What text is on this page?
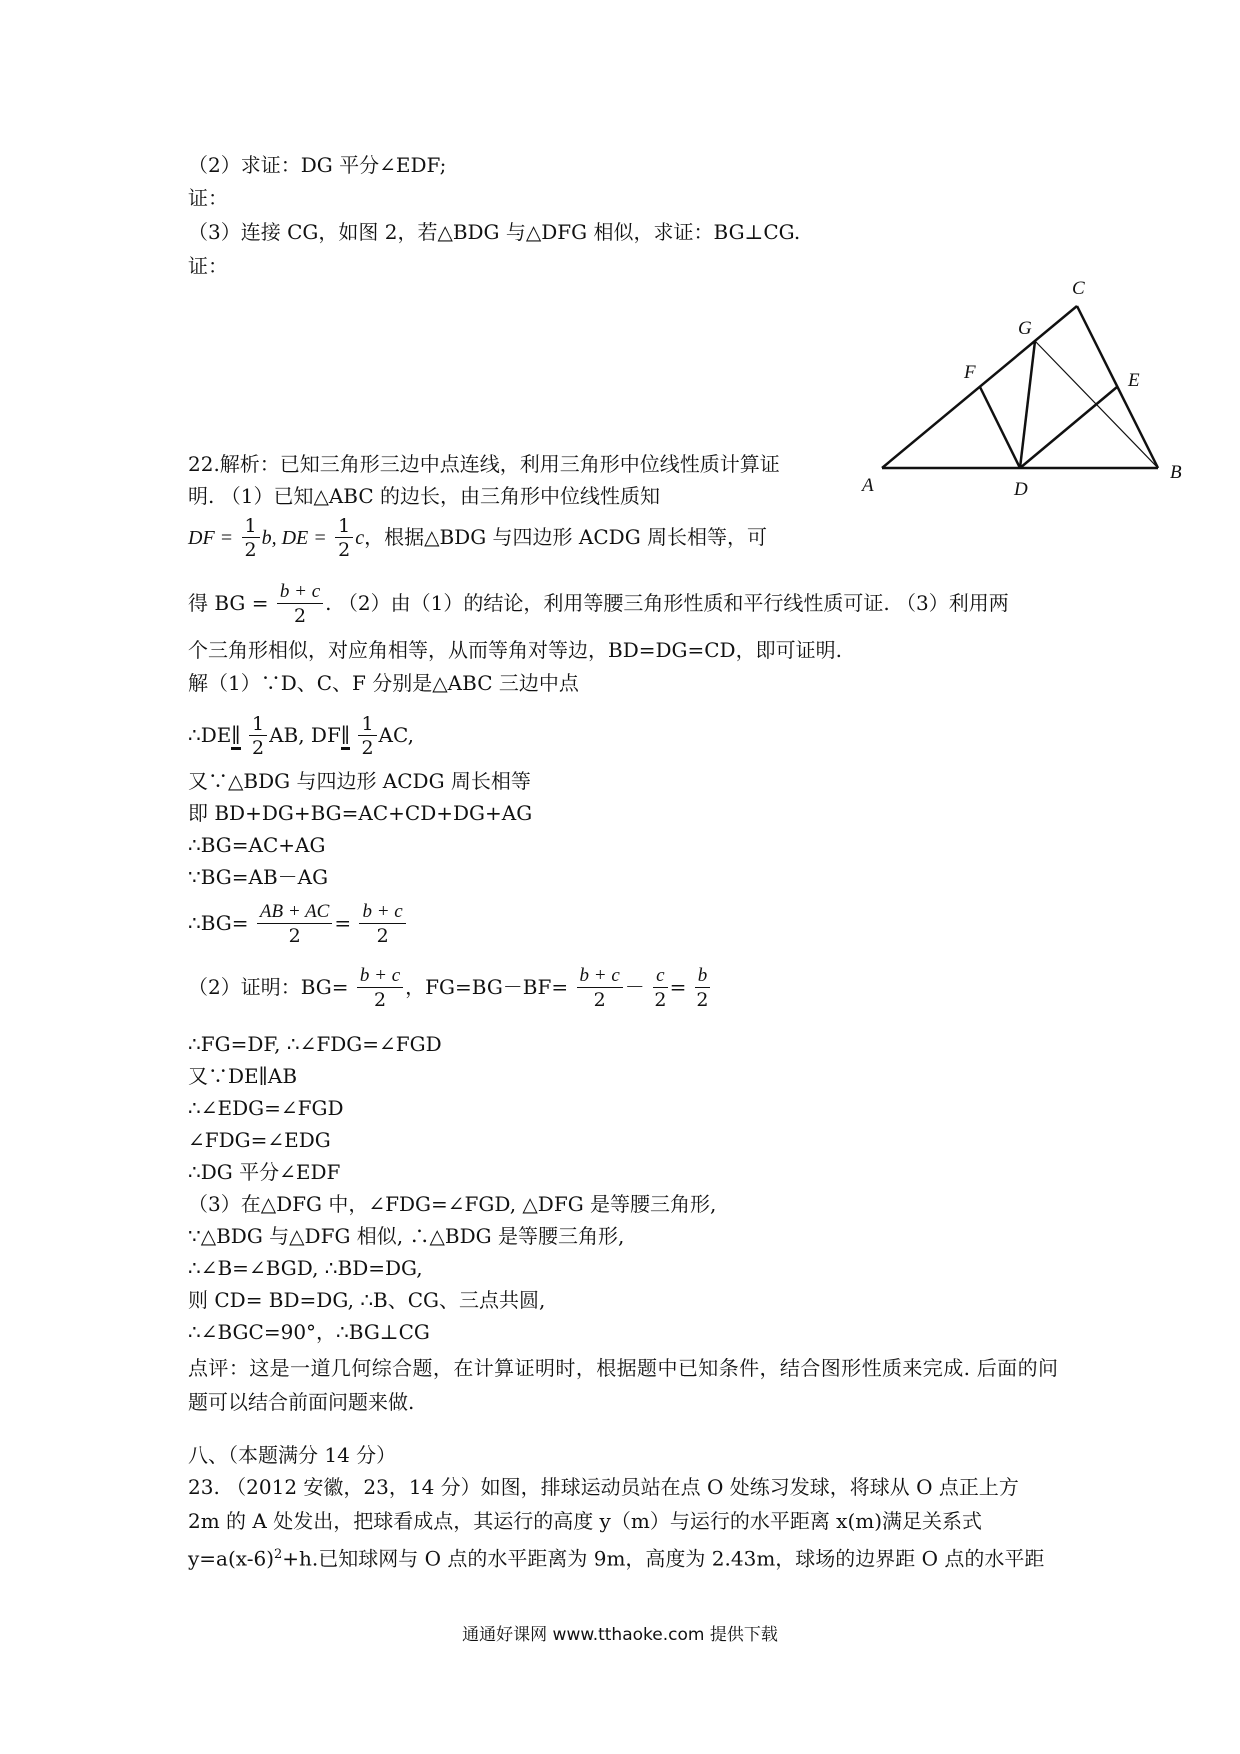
（2）求证：DG 平分∠EDF;
证：
（3）连接 CG，如图 2，若△BDG 与△DFG 相似，求证：BG⊥CG.
证：
A
B
C
D
E
F
G
22.解析：已知三角形三边中点连线，利用三角形中位线性质计算证
明. （1）已知△ABC 的边长，由三角形中位线性质知
DF = $\frac{1}{2} b$, DE = $\frac{1}{2}$ c，根据△BDG 与四边形 ACDG 周长相等，可
得 BG = $\frac{b + c}{2}$ . （2）由（1）的结论，利用等腰三角形性质和平行线性质可证. （3）利用两
个三角形相似，对应角相等，从而等角对等边，BD=DG=CD，即可证明.
解（1）∵D、C、F 分别是△ABC 三边中点
∴DE∥ $\frac{1}{2}$ AB, DF∥ $\frac{1}{2}$ AC,
又∵△BDG 与四边形 ACDG 周长相等
即 BD+DG+BG=AC+CD+DG+AG
∴BG=AC+AG
∵BG=AB－AG
∴BG= $\frac{AB + AC}{2} = \frac{b + c}{2}$
（2）证明：$BG= \frac{b + c}{2}$ ，$FG=BG-BF= \frac{b + c}{2} - \frac{c}{2} = \frac{b}{2}$
∴FG=DF, ∴∠FDG=∠FGD
又∵DE∥AB
∴∠EDG=∠FGD
∠FDG=∠EDG
∴DG 平分∠EDF
（3）在△DFG 中，∠FDG=∠FGD, △DFG 是等腰三角形,
∵△BDG 与△DFG 相似, ∴△BDG 是等腰三角形,
∴∠B=∠BGD, ∴BD=DG,
则 CD= BD=DG, ∴B、CG、三点共圆,
∴∠BGC=90°，∴BG⊥CG
点评：这是一道几何综合题，在计算证明时，根据题中已知条件，结合图形性质来完成. 后面的问题可以结合前面问题来做.
八、（本题满分 14 分）
23. （2012 安徽，23，14 分）如图，排球运动员站在点 O 处练习发球，将球从 O 点正上方
2m 的 A 处发出，把球看成点，其运行的高度 y（m）与运行的水平距离 x(m)满足关系式
$y=a(x-6)^2+h$.已知球网与 O 点的水平距离为 9m，高度为 2.43m，球场的边界距 O 点的水平距
通通好课网 www.tthaoke.com 提供下载
